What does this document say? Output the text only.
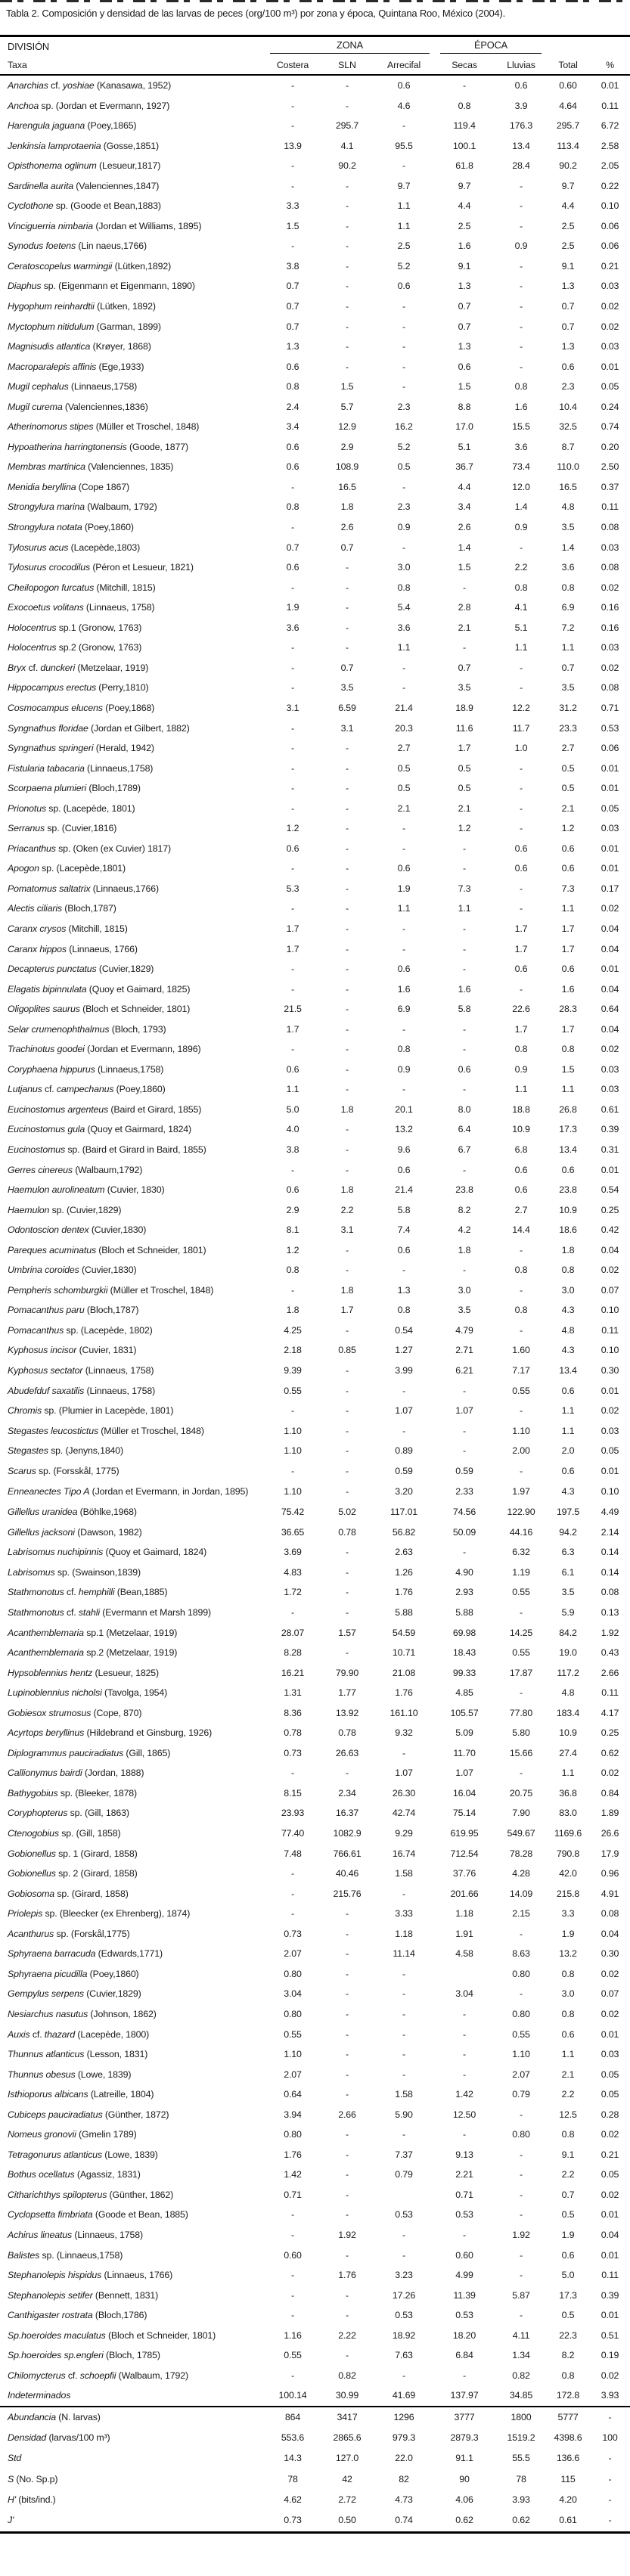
Tabla 2. Composición y densidad de las larvas de peces (org/100 m³) por zona y época, Quintana Roo, México (2004).
DIVISIÓN	ZONA			ÉPOCA			

Taxa	Costera	SLN	Arrecifal	Secas	Lluvias	Total	%
Anarchias cf. yoshiae (Kanasawa, 1952)	-	-	0.6	-	0.6	0.60	0.01
Anchoa sp. (Jordan et Evermann, 1927)	-	-	4.6	0.8	3.9	4.64	0.11
Harengula jaguana (Poey,1865)	-	295.7	-	119.4	176.3	295.7	6.72
Jenkinsia lamprotaenia (Gosse,1851)	13.9	4.1	95.5	100.1	13.4	113.4	2.58
Opisthonema oglinum (Lesueur,1817)	-	90.2	-	61.8	28.4	90.2	2.05
Sardinella aurita (Valenciennes,1847)	-	-	9.7	9.7	-	9.7	0.22
Cyclothone sp. (Goode et Bean,1883)	3.3	-	1.1	4.4	-	4.4	0.10
Vinciguerria nimbaria (Jordan et Williams, 1895)	1.5	-	1.1	2.5	-	2.5	0.06
Synodus foetens (Lin naeus,1766)	-	-	2.5	1.6	0.9	2.5	0.06
Ceratoscopelus warmingii (Lütken,1892)	3.8	-	5.2	9.1	-	9.1	0.21
Diaphus sp. (Eigenmann et Eigenmann, 1890)	0.7	-	0.6	1.3	-	1.3	0.03
Hygophum reinhardtii (Lütken, 1892)	0.7	-	-	0.7	-	0.7	0.02
Myctophum nitidulum (Garman, 1899)	0.7	-	-	0.7	-	0.7	0.02
Magnisudis atlantica (Krøyer, 1868)	1.3	-	-	1.3	-	1.3	0.03
Macroparalepis affinis (Ege,1933)	0.6	-	-	0.6	-	0.6	0.01
Mugil cephalus (Linnaeus,1758)	0.8	1.5	-	1.5	0.8	2.3	0.05
Mugil curema (Valenciennes,1836)	2.4	5.7	2.3	8.8	1.6	10.4	0.24
Atherinomorus stipes (Müller et Troschel, 1848)	3.4	12.9	16.2	17.0	15.5	32.5	0.74
Hypoatherina harringtonensis (Goode, 1877)	0.6	2.9	5.2	5.1	3.6	8.7	0.20
Membras martinica (Valenciennes, 1835)	0.6	108.9	0.5	36.7	73.4	110.0	2.50
Menidia beryllina (Cope 1867)	-	16.5	-	4.4	12.0	16.5	0.37
Strongylura marina (Walbaum, 1792)	0.8	1.8	2.3	3.4	1.4	4.8	0.11
Strongylura notata (Poey,1860)	-	2.6	0.9	2.6	0.9	3.5	0.08
Tylosurus acus (Lacepède,1803)	0.7	0.7	-	1.4	-	1.4	0.03
Tylosurus crocodilus (Péron et Lesueur, 1821)	0.6	-	3.0	1.5	2.2	3.6	0.08
Cheilopogon furcatus (Mitchill, 1815)	-	-	0.8	-	0.8	0.8	0.02
Exocoetus volitans (Linnaeus, 1758)	1.9	-	5.4	2.8	4.1	6.9	0.16
Holocentrus sp.1 (Gronow, 1763)	3.6	-	3.6	2.1	5.1	7.2	0.16
Holocentrus sp.2 (Gronow, 1763)	-	-	1.1	-	1.1	1.1	0.03
Bryx cf. dunckeri (Metzelaar, 1919)	-	0.7	-	0.7	-	0.7	0.02
Hippocampus erectus (Perry,1810)	-	3.5	-	3.5	-	3.5	0.08
Cosmocampus elucens (Poey,1868)	3.1	6.59	21.4	18.9	12.2	31.2	0.71
Syngnathus floridae (Jordan et Gilbert, 1882)	-	3.1	20.3	11.6	11.7	23.3	0.53
Syngnathus springeri (Herald, 1942)	-	-	2.7	1.7	1.0	2.7	0.06
Fistularia tabacaria (Linnaeus,1758)	-	-	0.5	0.5	-	0.5	0.01
Scorpaena plumieri (Bloch,1789)	-	-	0.5	0.5	-	0.5	0.01
Prionotus sp. (Lacepède, 1801)	-	-	2.1	2.1	-	2.1	0.05
Serranus sp. (Cuvier,1816)	1.2	-	-	1.2	-	1.2	0.03
Priacanthus sp. (Oken (ex Cuvier) 1817)	0.6	-	-	-	0.6	0.6	0.01
Apogon sp. (Lacepède,1801)	-	-	0.6	-	0.6	0.6	0.01
Pomatomus saltatrix (Linnaeus,1766)	5.3	-	1.9	7.3	-	7.3	0.17
Alectis ciliaris (Bloch,1787)	-	-	1.1	1.1	-	1.1	0.02
Caranx crysos (Mitchill, 1815)	1.7	-	-	-	1.7	1.7	0.04
Caranx hippos (Linnaeus, 1766)	1.7	-	-	-	1.7	1.7	0.04
Decapterus punctatus (Cuvier,1829)	-	-	0.6	-	0.6	0.6	0.01
Elagatis bipinnulata (Quoy et Gaimard, 1825)	-	-	1.6	1.6	-	1.6	0.04
Oligoplites saurus (Bloch et Schneider, 1801)	21.5	-	6.9	5.8	22.6	28.3	0.64
Selar crumenophthalmus (Bloch, 1793)	1.7	-	-	-	1.7	1.7	0.04
Trachinotus goodei (Jordan et Evermann, 1896)	-	-	0.8	-	0.8	0.8	0.02
Coryphaena hippurus (Linnaeus,1758)	0.6	-	0.9	0.6	0.9	1.5	0.03
Lutjanus cf. campechanus (Poey,1860)	1.1	-	-	-	1.1	1.1	0.03
Eucinostomus argenteus (Baird et Girard, 1855)	5.0	1.8	20.1	8.0	18.8	26.8	0.61
Eucinostomus gula (Quoy et Gairmard, 1824)	4.0	-	13.2	6.4	10.9	17.3	0.39
Eucinostomus sp. (Baird et Girard in Baird, 1855)	3.8	-	9.6	6.7	6.8	13.4	0.31
Gerres cinereus (Walbaum,1792)	-	-	0.6	-	0.6	0.6	0.01
Haemulon aurolineatum (Cuvier, 1830)	0.6	1.8	21.4	23.8	0.6	23.8	0.54
Haemulon sp. (Cuvier,1829)	2.9	2.2	5.8	8.2	2.7	10.9	0.25
Odontoscion dentex (Cuvier,1830)	8.1	3.1	7.4	4.2	14.4	18.6	0.42
Pareques acuminatus (Bloch et Schneider, 1801)	1.2	-	0.6	1.8	-	1.8	0.04
Umbrina coroides (Cuvier,1830)	0.8	-	-	-	0.8	0.8	0.02
Pempheris schomburgkii (Müller et Troschel, 1848)	-	1.8	1.3	3.0	-	3.0	0.07
Pomacanthus paru (Bloch,1787)	1.8	1.7	0.8	3.5	0.8	4.3	0.10
Pomacanthus sp. (Lacepède, 1802)	4.25	-	0.54	4.79	-	4.8	0.11
Kyphosus incisor (Cuvier, 1831)	2.18	0.85	1.27	2.71	1.60	4.3	0.10
Kyphosus sectator (Linnaeus, 1758)	9.39	-	3.99	6.21	7.17	13.4	0.30
Abudefduf saxatilis (Linnaeus, 1758)	0.55	-	-	-	0.55	0.6	0.01
Chromis sp. (Plumier in Lacepède, 1801)	-	-	1.07	1.07	-	1.1	0.02
Stegastes leucostictus (Müller et Troschel, 1848)	1.10	-	-	-	1.10	1.1	0.03
Stegastes sp. (Jenyns,1840)	1.10	-	0.89	-	2.00	2.0	0.05
Scarus sp. (Forsskål, 1775)	-	-	0.59	0.59	-	0.6	0.01
Enneanectes Tipo A (Jordan et Evermann, in Jordan, 1895)	1.10	-	3.20	2.33	1.97	4.3	0.10
Gillellus uranidea (Böhlke,1968)	75.42	5.02	117.01	74.56	122.90	197.5	4.49
Gillellus jacksoni (Dawson, 1982)	36.65	0.78	56.82	50.09	44.16	94.2	2.14
Labrisomus nuchipinnis (Quoy et Gaimard, 1824)	3.69	-	2.63	-	6.32	6.3	0.14
Labrisomus sp. (Swainson,1839)	4.83	-	1.26	4.90	1.19	6.1	0.14
Stathmonotus cf. hemphilli (Bean,1885)	1.72	-	1.76	2.93	0.55	3.5	0.08
Stathmonotus cf. stahli (Evermann et Marsh 1899)	-	-	5.88	5.88	-	5.9	0.13
Acanthemblemaria sp.1 (Metzelaar, 1919)	28.07	1.57	54.59	69.98	14.25	84.2	1.92
Acanthemblemaria sp.2 (Metzelaar, 1919)	8.28	-	10.71	18.43	0.55	19.0	0.43
Hypsoblennius hentz (Lesueur, 1825)	16.21	79.90	21.08	99.33	17.87	117.2	2.66
Lupinoblennius nicholsi (Tavolga, 1954)	1.31	1.77	1.76	4.85	-	4.8	0.11
Gobiesox strumosus (Cope, 870)	8.36	13.92	161.10	105.57	77.80	183.4	4.17
Acyrtops beryllinus (Hildebrand et Ginsburg, 1926)	0.78	0.78	9.32	5.09	5.80	10.9	0.25
Diplogrammus pauciradiatus (Gill, 1865)	0.73	26.63	-	11.70	15.66	27.4	0.62
Callionymus bairdi (Jordan, 1888)	-	-	1.07	1.07	-	1.1	0.02
Bathygobius sp. (Bleeker, 1878)	8.15	2.34	26.30	16.04	20.75	36.8	0.84
Coryphopterus sp. (Gill, 1863)	23.93	16.37	42.74	75.14	7.90	83.0	1.89
Ctenogobius sp. (Gill, 1858)	77.40	1082.9	9.29	619.95	549.67	1169.6	26.6
Gobionellus sp. 1 (Girard, 1858)	7.48	766.61	16.74	712.54	78.28	790.8	17.9
Gobionellus sp. 2 (Girard, 1858)	-	40.46	1.58	37.76	4.28	42.0	0.96
Gobiosoma sp. (Girard, 1858)	-	215.76	-	201.66	14.09	215.8	4.91
Priolepis sp. (Bleecker (ex Ehrenberg), 1874)	-	-	3.33	1.18	2.15	3.3	0.08
Acanthurus sp. (Forskål,1775)	0.73	-	1.18	1.91	-	1.9	0.04
Sphyraena barracuda (Edwards,1771)	2.07	-	11.14	4.58	8.63	13.2	0.30
Sphyraena picudilla (Poey,1860)	0.80	-	-		0.80	0.8	0.02
Gempylus serpens (Cuvier,1829)	3.04	-	-	3.04	-	3.0	0.07
Nesiarchus nasutus (Johnson, 1862)	0.80	-	-	-	0.80	0.8	0.02
Auxis cf. thazard (Lacepède, 1800)	0.55	-	-	-	0.55	0.6	0.01
Thunnus atlanticus (Lesson, 1831)	1.10	-	-	-	1.10	1.1	0.03
Thunnus obesus (Lowe, 1839)	2.07	-	-	-	2.07	2.1	0.05
Isthioporus albicans (Latreille, 1804)	0.64	-	1.58	1.42	0.79	2.2	0.05
Cubiceps pauciradiatus (Günther, 1872)	3.94	2.66	5.90	12.50	-	12.5	0.28
Nomeus gronovii (Gmelin 1789)	0.80	-	-	-	0.80	0.8	0.02
Tetragonurus atlanticus (Lowe, 1839)	1.76	-	7.37	9.13	-	9.1	0.21
Bothus ocellatus (Agassiz, 1831)	1.42	-	0.79	2.21	-	2.2	0.05
Citharichthys spilopterus (Günther, 1862)	0.71	-		0.71	-	0.7	0.02
Cyclopsetta fimbriata (Goode et Bean, 1885)	-	-	0.53	0.53	-	0.5	0.01
Achirus lineatus (Linnaeus, 1758)	-	1.92	-	-	1.92	1.9	0.04
Balistes sp. (Linnaeus,1758)	0.60	-	-	0.60	-	0.6	0.01
Stephanolepis hispidus (Linnaeus, 1766)	-	1.76	3.23	4.99	-	5.0	0.11
Stephanolepis setifer (Bennett, 1831)	-	-	17.26	11.39	5.87	17.3	0.39
Canthigaster rostrata (Bloch,1786)	-	-	0.53	0.53	-	0.5	0.01
Sp.hoeroides maculatus (Bloch et Schneider, 1801)	1.16	2.22	18.92	18.20	4.11	22.3	0.51
Sp.hoeroides sp.engleri (Bloch, 1785)	0.55	-	7.63	6.84	1.34	8.2	0.19
Chilomycterus cf. schoepfii (Walbaum, 1792)	-	0.82	-	-	0.82	0.8	0.02
Indeterminados	100.14	30.99	41.69	137.97	34.85	172.8	3.93
Abundancia (N. larvas)	864	3417	1296	3777	1800	5777	-
Densidad (larvas/100 m³)	553.6	2865.6	979.3	2879.3	1519.2	4398.6	100
Std	14.3	127.0	22.0	91.1	55.5	136.6	-
S (No. Sp.p)	78	42	82	90	78	115	-
H' (bits/ind.)	4.62	2.72	4.73	4.06	3.93	4.20	-
J'	0.73	0.50	0.74	0.62	0.62	0.61	-
